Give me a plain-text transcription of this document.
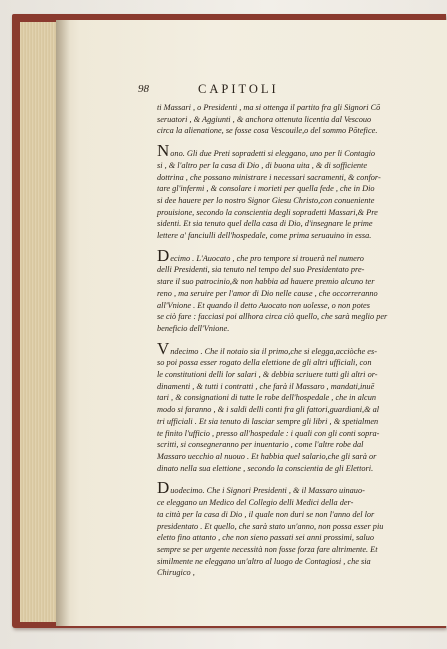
98	CAPITOLI
ti Massari , o Presidenti , ma si ottenga il partito fra gli Signori Cō
seruatori , & Aggiunti , & anchora ottenuta licentia dal Vescouo
circa la alienatione, se fosse cosa Vescouile,o del sommo Pōtefice.
Nono. Gli due Preti sopradetti si eleggano, uno per li Contagio
si , & l'altro per la casa di Dio , di buona uita , & di sofficiente
dottrina , che possano ministrare i necessari sacramenti, & confor-
tare gl'infermi , & consolare i morieti per quella fede , che in Dio
si dee hauere per lo nostro Signor Giesu Christo,con conueniente
prouisione, secondo la conscientia degli sopradetti Massari,& Pre
sidenti. Et sia tenuto quel della casa di Dio, d'insegnare le prime
lettere a' fanciulli dell'hospedale, come prima seruauino in essa.
Decimo . L'Auocato , che pro tempore si trouerà nel numero
delli Presidenti, sia tenuto nel tempo del suo Presidentato pre-
stare il suo patrocinio,& non habbia ad hauere premio alcuno ter
reno , ma seruire per l'amor di Dio nelle cause , che occorreranno
all'Vnione . Et quando il detto Auocato non uolesse, o non potes
se ciò fare : facciasi poi allhora circa ciò quello, che sarà meglio per
beneficio dell'Vnione.
Vndecimo . Che il notaio sia il primo,che si elegga,acciòche es-
so poi possa esser rogato della elettione de gli altri ufficiali, con
le constitutioni delli lor salari , & debbia scriuere tutti gli altri or-
dinamenti , & tutti i contratti , che farà il Massaro , mandati,inuē
tari , & consignationi di tutte le robe dell'hospedale , che in alcun
modo si faranno , & i saldi delli conti fra gli fattori,guardiani,& al
tri ufficiali . Et sia tenuto di lasciar sempre gli libri , & spetialmen
te finito l'ufficio , presso all'hospedale : i quali con gli conti sopra-
scritti, si consegneranno per inuentario , come l'altre robe dal
Massaro uecchio al nuouo . Et habbia quel salario,che gli sarà or
dinato nella sua elettione , secondo la conscientia de gli Elettori.
Duodecimo. Che i Signori Presidenti , & il Massaro uinauo-
ce eleggano un Medico del Collegio delli Medici della der-
ta città per la casa di Dio , il quale non duri se non l'anno del lor
presidentato . Et quello, che sarà stato un'anno, non possa esser piu
eletto fino attanto , che non sieno passati sei anni prossimi, saluo
sempre se per urgente necessità non fosse forza fare altrimente. Et
similmente ne eleggano un'altro al luogo de Contagiosi , che sia
Chirugico ,
